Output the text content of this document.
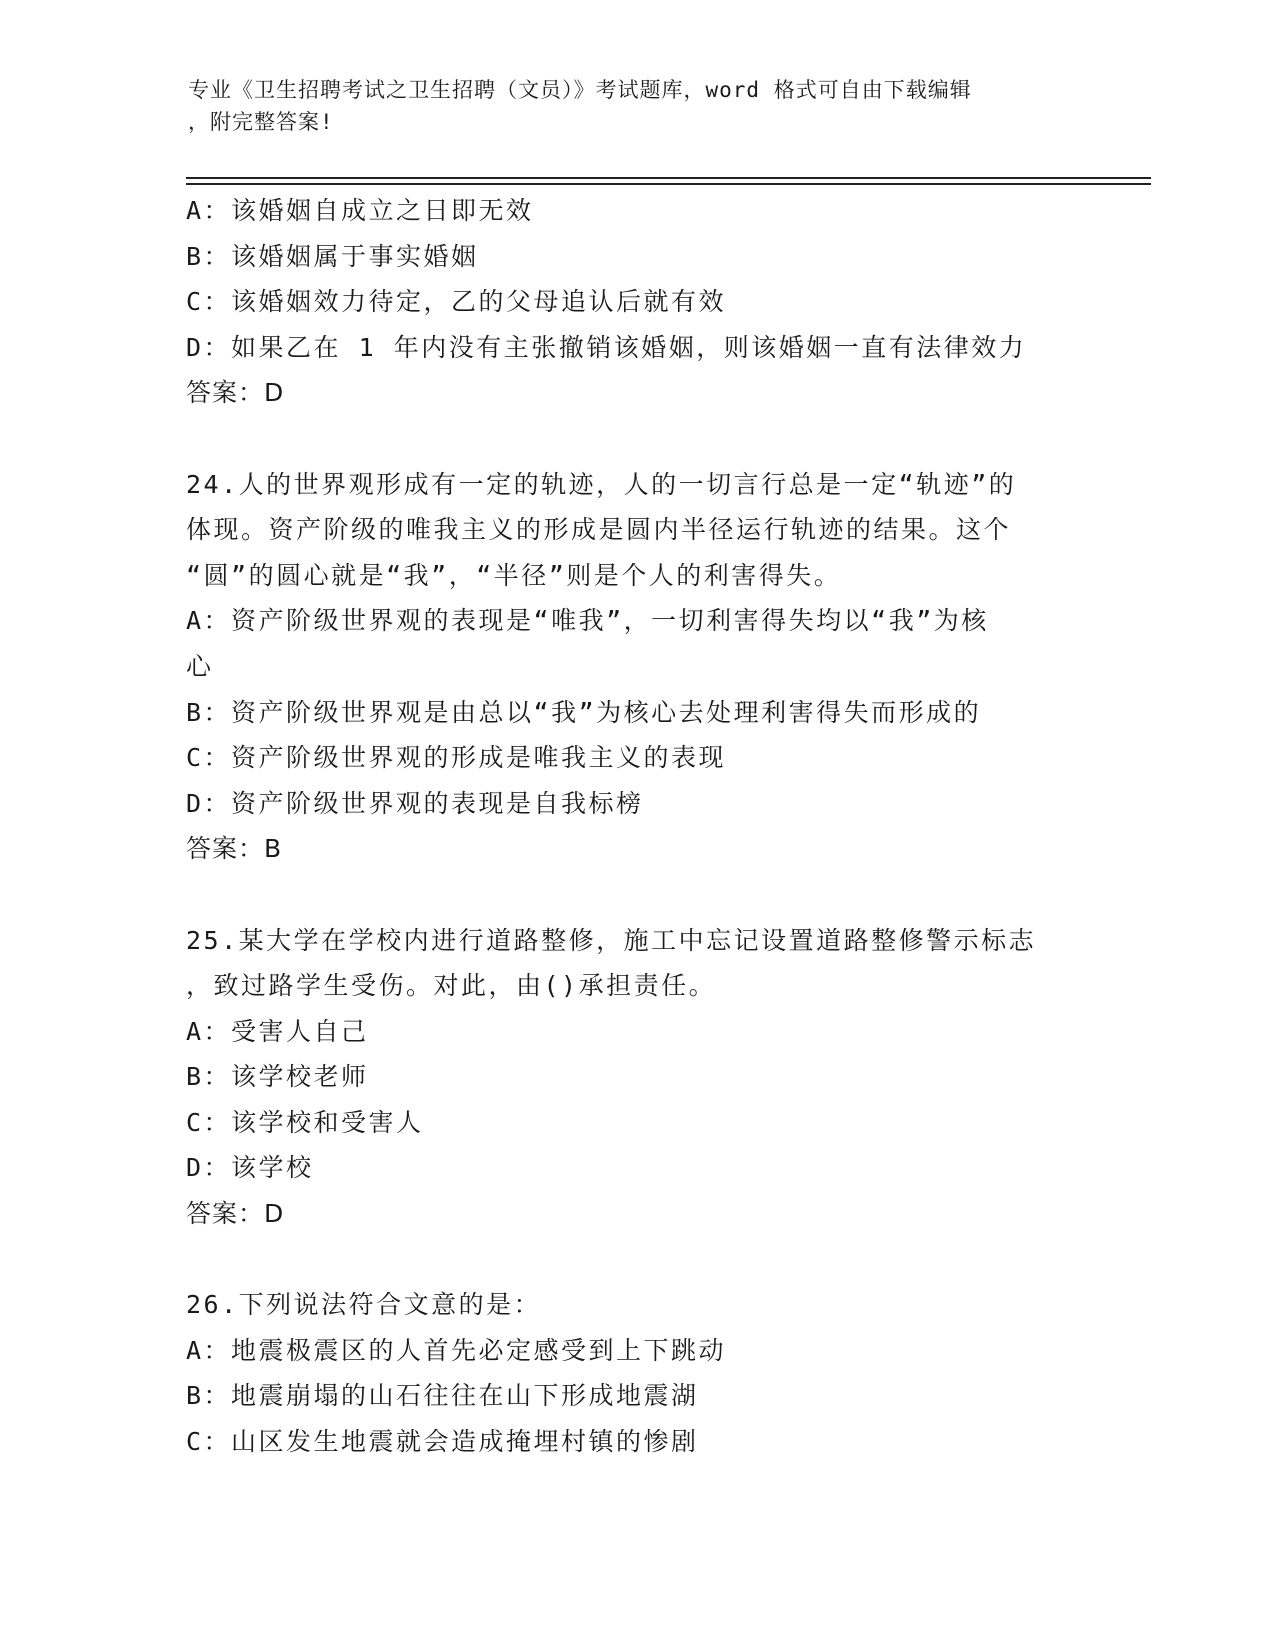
专业《卫生招聘考试之卫生招聘（文员）》考试题库，word 格式可自由下载编辑
，附完整答案!
A：该婚姻自成立之日即无效
B：该婚姻属于事实婚姻
C：该婚姻效力待定，乙的父母追认后就有效
D：如果乙在 1 年内没有主张撤销该婚姻，则该婚姻一直有法律效力
答案：D
24.人的世界观形成有一定的轨迹，人的一切言行总是一定“轨迹”的
体现。资产阶级的唯我主义的形成是圆内半径运行轨迹的结果。这个
“圆”的圆心就是“我”，“半径”则是个人的利害得失。
A：资产阶级世界观的表现是“唯我”，一切利害得失均以“我”为核
心
B：资产阶级世界观是由总以“我”为核心去处理利害得失而形成的
C：资产阶级世界观的形成是唯我主义的表现
D：资产阶级世界观的表现是自我标榜
答案：B
25.某大学在学校内进行道路整修，施工中忘记设置道路整修警示标志
，致过路学生受伤。对此，由()承担责任。
A：受害人自己
B：该学校老师
C：该学校和受害人
D：该学校
答案：D
26.下列说法符合文意的是：
A：地震极震区的人首先必定感受到上下跳动
B：地震崩塌的山石往往在山下形成地震湖
C：山区发生地震就会造成掩埋村镇的惨剧
